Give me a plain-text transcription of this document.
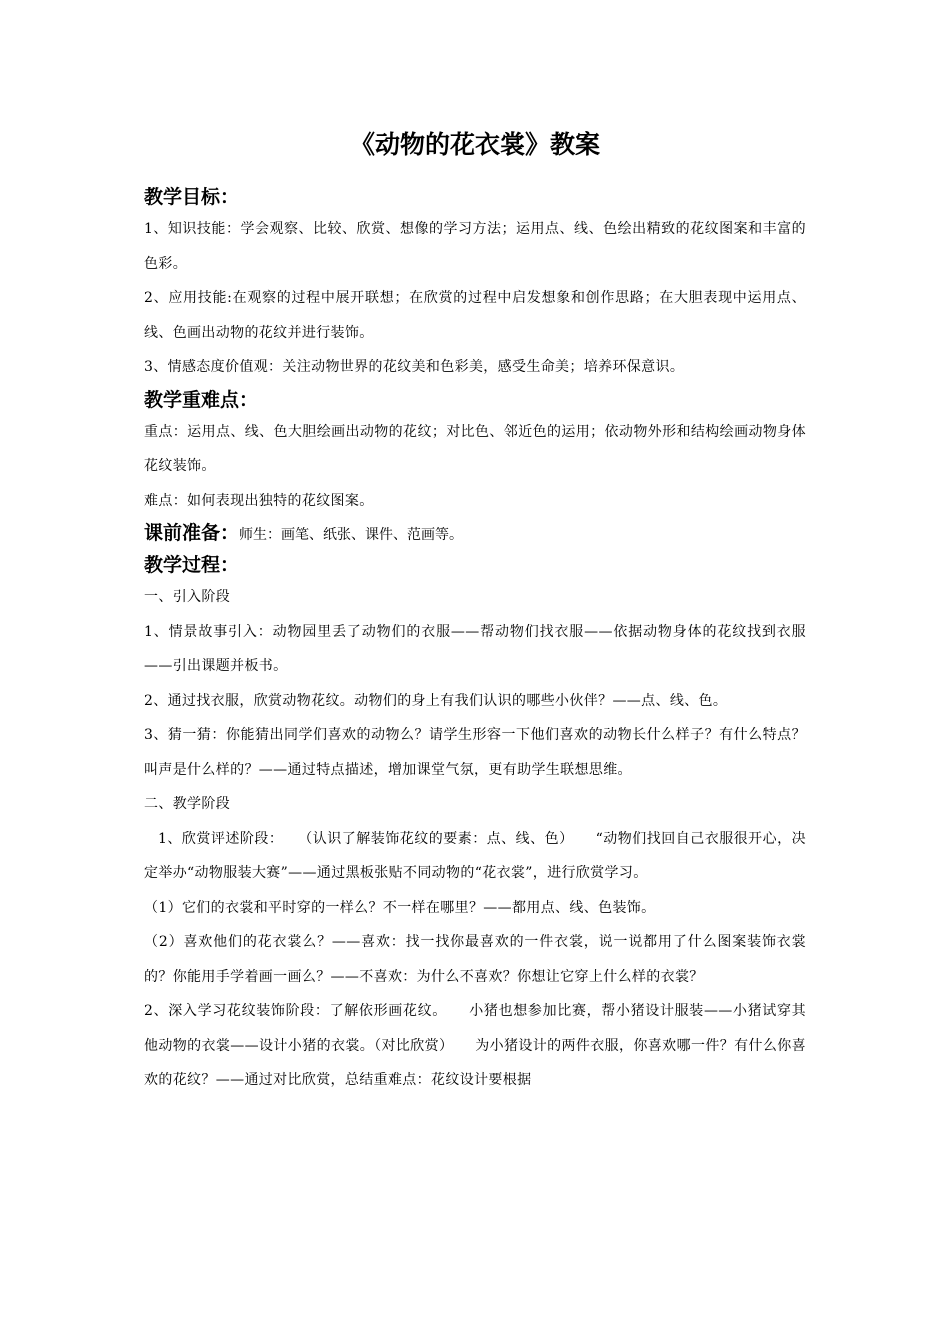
《动物的花衣裳》教案
教学目标：

1、知识技能：学会观察、比较、欣赏、想像的学习方法；运用点、线、色绘出精致的花纹图案和丰富的色彩。

2、应用技能:在观察的过程中展开联想；在欣赏的过程中启发想象和创作思路；在大胆表现中运用点、线、色画出动物的花纹并进行装饰。

3、情感态度价值观：关注动物世界的花纹美和色彩美，感受生命美；培养环保意识。

教学重难点：

重点：运用点、线、色大胆绘画出动物的花纹；对比色、邻近色的运用；依动物外形和结构绘画动物身体花纹装饰。

难点：如何表现出独特的花纹图案。

课前准备：师生：画笔、纸张、课件、范画等。
教学过程：

一、引入阶段

1、情景故事引入：动物园里丢了动物们的衣服——帮动物们找衣服——依据动物身体的花纹找到衣服——引出课题并板书。

2、通过找衣服，欣赏动物花纹。动物们的身上有我们认识的哪些小伙伴？——点、线、色。

3、猜一猜：你能猜出同学们喜欢的动物么？请学生形容一下他们喜欢的动物长什么样子？有什么特点？叫声是什么样的？——通过特点描述，增加课堂气氛，更有助学生联想思维。

二、教学阶段

1、欣赏评述阶段：　　（认识了解装饰花纹的要素：点、线、色）　　“动物们找回自己衣服很开心，决定举办“动物服装大赛”——通过黑板张贴不同动物的“花衣裳”，进行欣赏学习。

（1）它们的衣裳和平时穿的一样么？不一样在哪里？——都用点、线、色装饰。

（2）喜欢他们的花衣裳么？——喜欢：找一找你最喜欢的一件衣裳，说一说都用了什么图案装饰衣裳的？你能用手学着画一画么？——不喜欢：为什么不喜欢？你想让它穿上什么样的衣裳？

2、深入学习花纹装饰阶段：了解依形画花纹。　　小猪也想参加比赛，帮小猪设计服装——小猪试穿其他动物的衣裳——设计小猪的衣裳。（对比欣赏）　　为小猪设计的两件衣服，你喜欢哪一件？有什么你喜欢的花纹？——通过对比欣赏，总结重难点：花纹设计要根据
